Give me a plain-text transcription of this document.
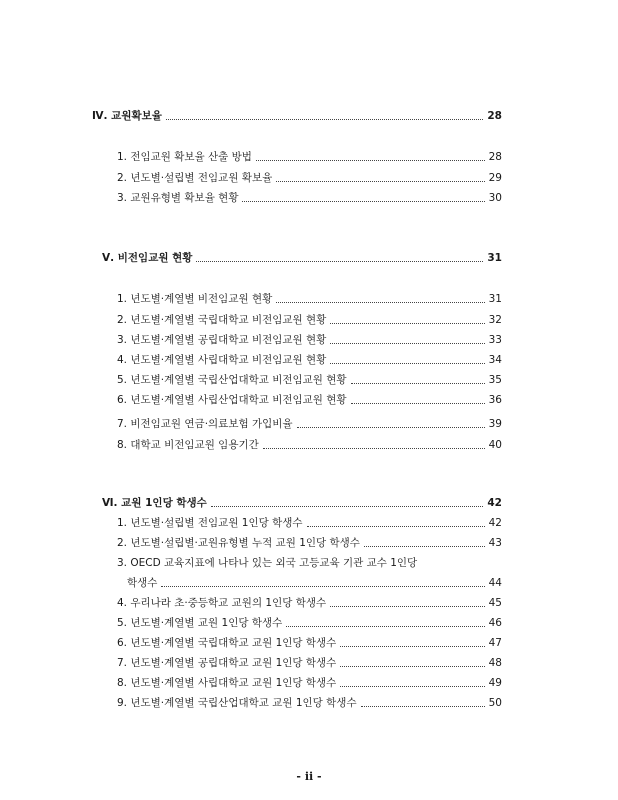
Ⅳ. 교원확보율	28
1. 전임교원 확보율 산출 방법	28
2. 년도별·설립별 전임교원 확보율	29
3. 교원유형별 확보율 현황	30
Ⅴ. 비전임교원 현황	31
1. 년도별·계열별 비전임교원 현황	31
2. 년도별·계열별 국립대학교 비전임교원 현황	32
3. 년도별·계열별 공립대학교 비전임교원 현황	33
4. 년도별·계열별 사립대학교 비전임교원 현황	34
5. 년도별·계열별 국립산업대학교 비전임교원 현황	35
6. 년도별·계열별 사립산업대학교 비전임교원 현황	36
7. 비전임교원 연금·의료보험 가입비율	39
8. 대학교 비전임교원 임용기간	40
Ⅵ. 교원 1인당 학생수	42
1. 년도별·설립별 전임교원 1인당 학생수	42
2. 년도별·설립별·교원유형별 누적 교원 1인당 학생수	43
3. OECD 교육지표에 나타나 있는 외국 고등교육 기관 교수 1인당
학생수	44
4. 우리나라 초·중등학교 교원의 1인당 학생수	45
5. 년도별·계열별 교원 1인당 학생수	46
6. 년도별·계열별 국립대학교 교원 1인당 학생수	47
7. 년도별·계열별 공립대학교 교원 1인당 학생수	48
8. 년도별·계열별 사립대학교 교원 1인당 학생수	49
9. 년도별·계열별 국립산업대학교 교원 1인당 학생수	50
- ii -
